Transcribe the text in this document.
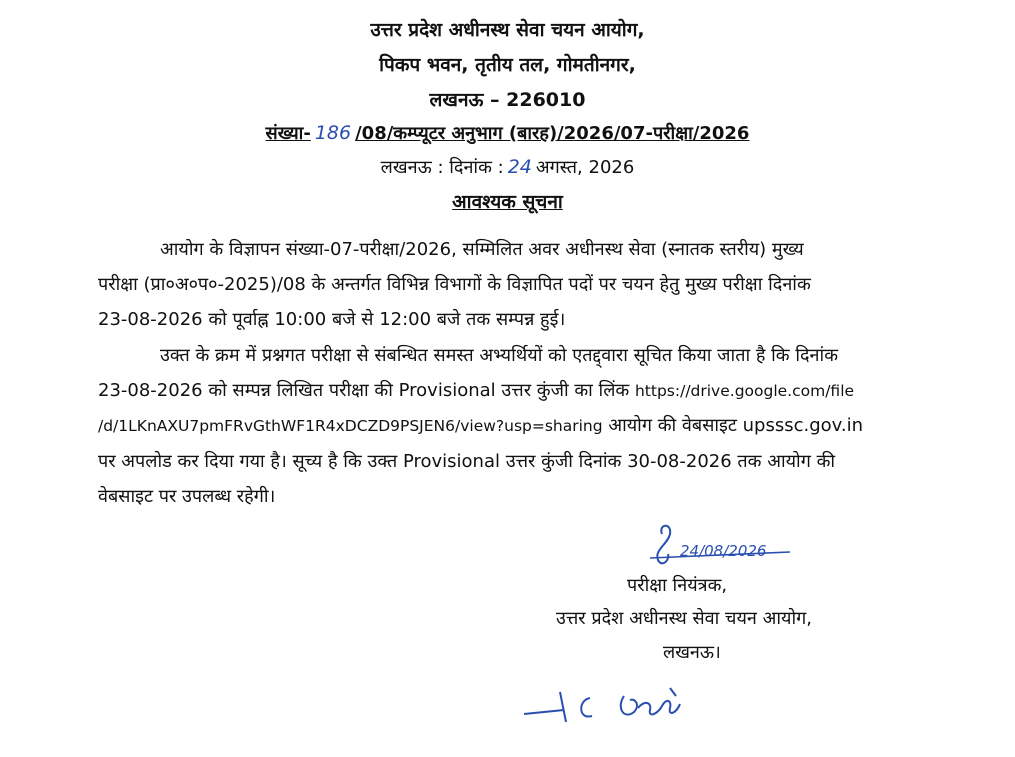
उत्तर प्रदेश अधीनस्थ सेवा चयन आयोग,
पिकप भवन, तृतीय तल, गोमतीनगर,
लखनऊ – 226010
संख्या- 186 /08/कम्प्यूटर अनुभाग (बारह)/2026/07-परीक्षा/2026
लखनऊ : दिनांक : 24 अगस्त, 2026
आवश्यक सूचना
आयोग के विज्ञापन संख्या-07-परीक्षा/2026, सम्मिलित अवर अधीनस्थ सेवा (स्नातक स्तरीय) मुख्य
परीक्षा (प्रा०अ०प०-2025)/08 के अन्तर्गत विभिन्न विभागों के विज्ञापित पदों पर चयन हेतु मुख्य परीक्षा दिनांक
23-08-2026 को पूर्वाह्न 10:00 बजे से 12:00 बजे तक सम्पन्न हुई।
उक्त के क्रम में प्रश्नगत परीक्षा से संबन्धित समस्त अभ्यर्थियों को एतद्द्वारा सूचित किया जाता है कि दिनांक
23-08-2026 को सम्पन्न लिखित परीक्षा की Provisional उत्तर कुंजी का लिंक https://drive.google.com/file
/d/1LKnAXU7pmFRvGthWF1R4xDCZD9PSJEN6/view?usp=sharing आयोग की वेबसाइट upsssc.gov.in
पर अपलोड कर दिया गया है। सूच्य है कि उक्त Provisional उत्तर कुंजी दिनांक 30-08-2026 तक आयोग की
वेबसाइट पर उपलब्ध रहेगी।
24/08/2026
परीक्षा नियंत्रक,
उत्तर प्रदेश अधीनस्थ सेवा चयन आयोग,
लखनऊ।
